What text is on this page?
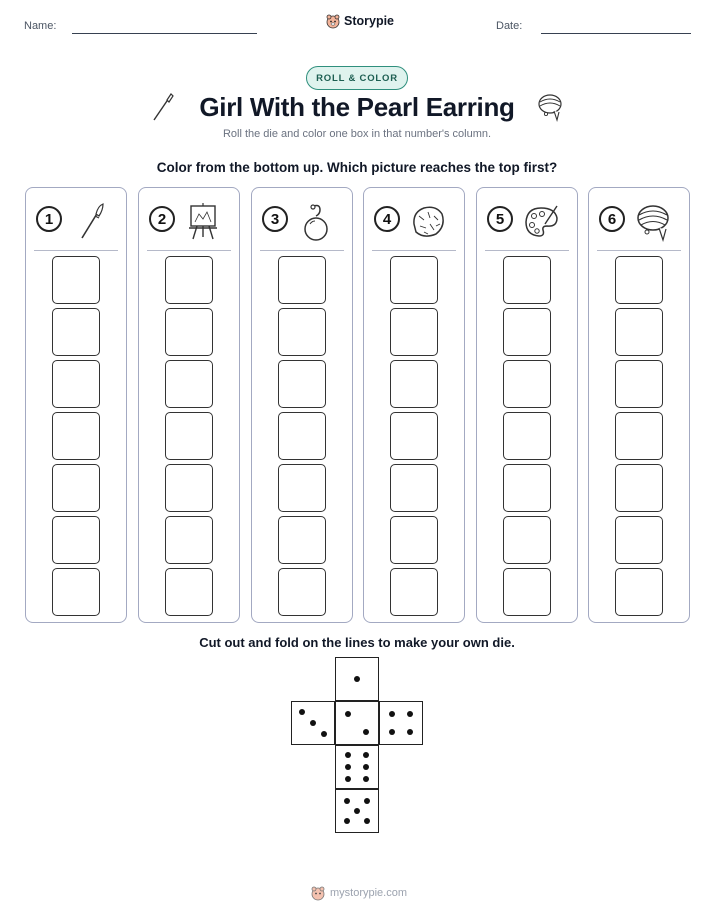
Name:	Storypie	Date:
ROLL & COLOR
Girl With the Pearl Earring
Roll the die and color one box in that number's column.
Color from the bottom up. Which picture reaches the top first?
1	2	3	4	5	6
Cut out and fold on the lines to make your own die.
mystorypie.com
